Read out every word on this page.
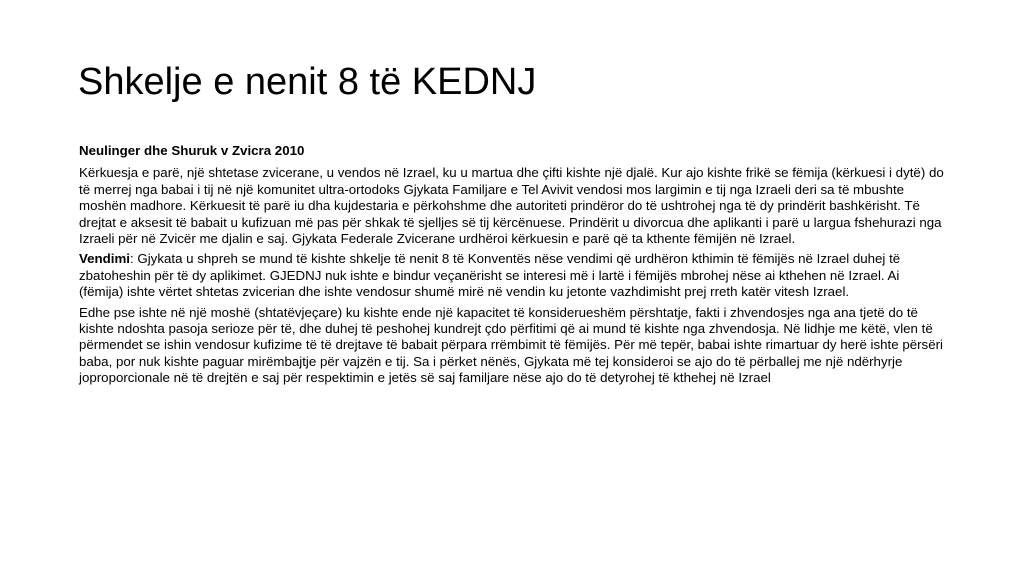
Shkelje e nenit 8 të KEDNJ

Neulinger dhe Shuruk v Zvicra 2010

Kërkuesja e parë, një shtetase zvicerane, u vendos në Izrael, ku u martua dhe çifti kishte një djalë. Kur ajo kishte frikë se fëmija (kërkuesi i dytë) do të merrej nga babai i tij në një komunitet ultra-ortodoks Gjykata Familjare e Tel Avivit vendosi mos largimin e tij nga Izraeli deri sa të mbushte moshën madhore. Kërkuesit të parë iu dha kujdestaria e përkohshme dhe autoriteti prindëror do të ushtrohej nga të dy prindërit bashkërisht. Të drejtat e aksesit të babait u kufizuan më pas për shkak të sjelljes së tij kërcënuese. Prindërit u divorcua dhe aplikanti i parë u largua fshehurazi nga Izraeli për në Zvicër me djalin e saj. Gjykata Federale Zvicerane urdhëroi kërkuesin e parë që ta kthente fëmijën në Izrael.

Vendimi: Gjykata u shpreh se mund të kishte shkelje të nenit 8 të Konventës nëse vendimi që urdhëron kthimin të fëmijës në Izrael duhej të zbatoheshin për të dy aplikimet. GJEDNJ nuk ishte e bindur veçanërisht se interesi më i lartë i fëmijës mbrohej nëse ai kthehen në Izrael. Ai (fëmija) ishte vërtet shtetas zvicerian dhe ishte vendosur shumë mirë në vendin ku jetonte vazhdimisht prej rreth katër vitesh Izrael.

Edhe pse ishte në një moshë (shtatëvjeçare) ku kishte ende një kapacitet të konsiderueshëm përshtatje, fakti i zhvendosjes nga ana tjetë do të kishte ndoshta pasoja serioze për të, dhe duhej të peshohej kundrejt çdo përfitimi që ai mund të kishte nga zhvendosja. Në lidhje me këtë, vlen të përmendet se ishin vendosur kufizime të të drejtave të babait përpara rrëmbimit të fëmijës. Për më tepër, babai ishte rimartuar dy herë ishte përsëri baba, por nuk kishte paguar mirëmbajtje për vajzën e tij. Sa i përket nënës, Gjykata më tej konsideroi se ajo do të përballej me një ndërhyrje joproporcionale në të drejtën e saj për respektimin e jetës së saj familjare nëse ajo do të detyrohej të kthehej në Izrael
